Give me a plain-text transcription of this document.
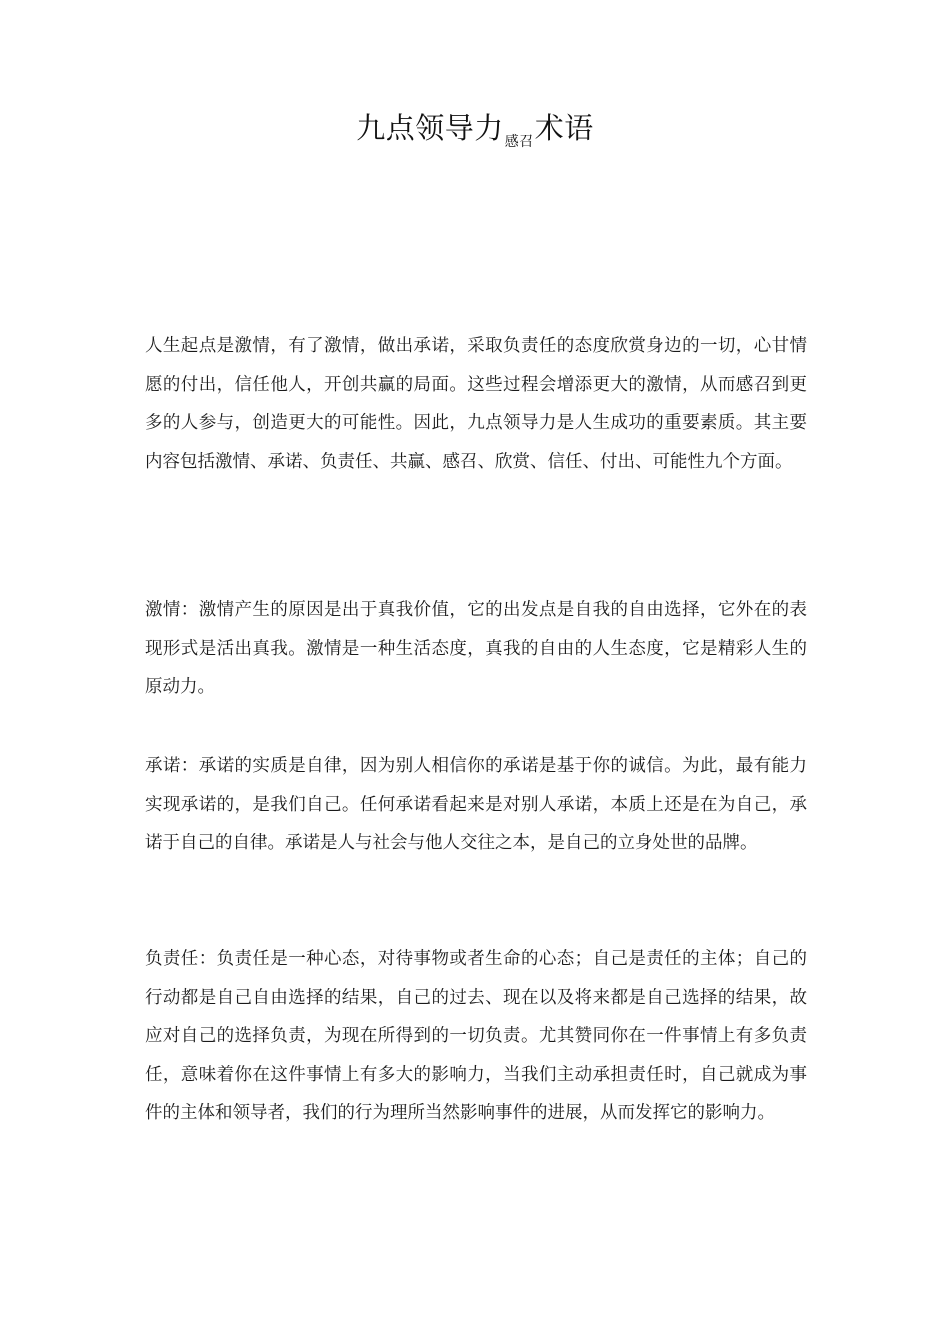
九点领导力$_{感召}$术语

人生起点是激情，有了激情，做出承诺，采取负责任的态度欣赏身边的一切，心甘情愿的付出，信任他人，开创共赢的局面。这些过程会增添更大的激情，从而感召到更多的人参与，创造更大的可能性。因此，九点领导力是人生成功的重要素质。其主要内容包括激情、承诺、负责任、共赢、感召、欣赏、信任、付出、可能性九个方面。

激情：激情产生的原因是出于真我价值，它的出发点是自我的自由选择，它外在的表现形式是活出真我。激情是一种生活态度，真我的自由的人生态度，它是精彩人生的原动力。

承诺：承诺的实质是自律，因为别人相信你的承诺是基于你的诚信。为此，最有能力实现承诺的，是我们自己。任何承诺看起来是对别人承诺，本质上还是在为自己，承诺于自己的自律。承诺是人与社会与他人交往之本，是自己的立身处世的品牌。

负责任：负责任是一种心态，对待事物或者生命的心态；自己是责任的主体；自己的行动都是自己自由选择的结果，自己的过去、现在以及将来都是自己选择的结果，故应对自己的选择负责，为现在所得到的一切负责。尤其赞同你在一件事情上有多负责任，意味着你在这件事情上有多大的影响力，当我们主动承担责任时，自己就成为事件的主体和领导者，我们的行为理所当然影响事件的进展，从而发挥它的影响力。
